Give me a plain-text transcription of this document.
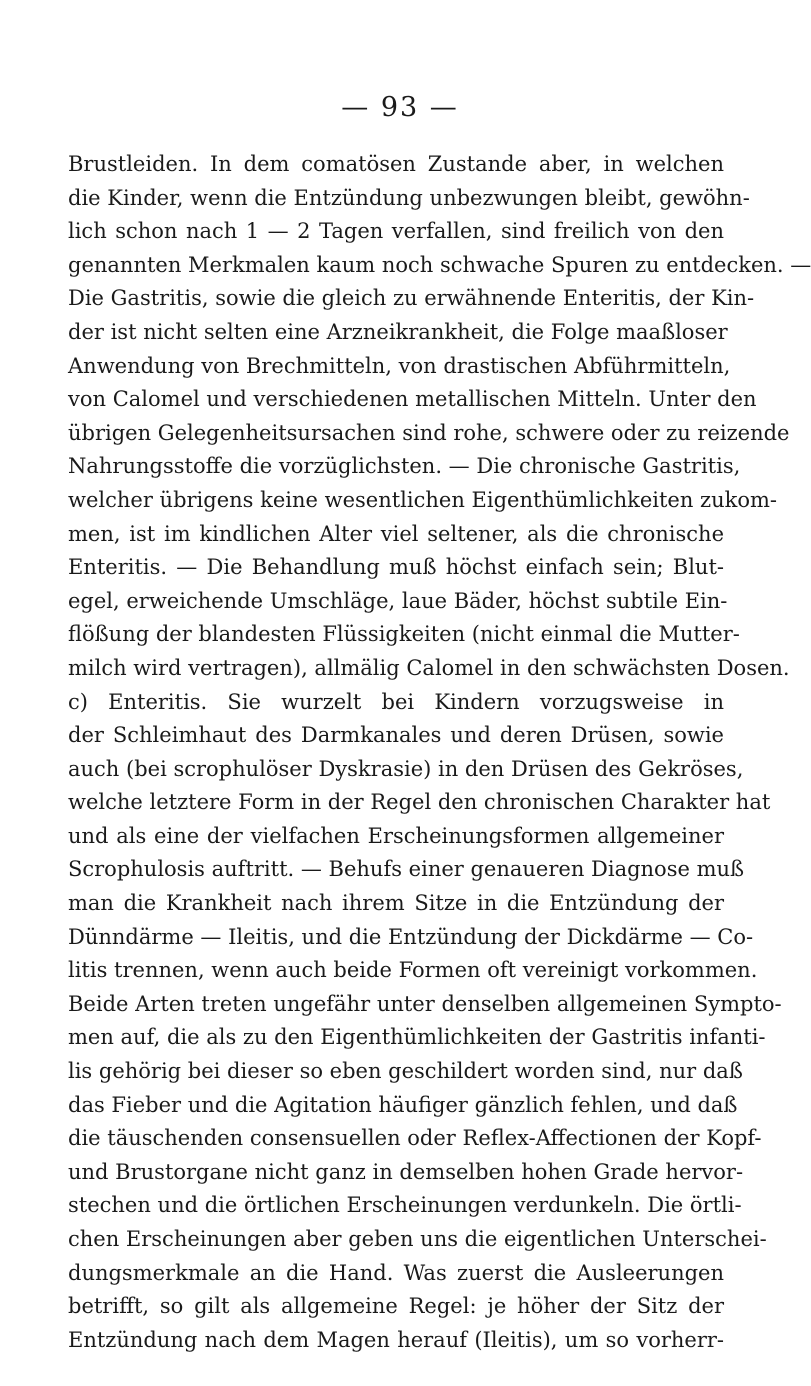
— 93 —
Brustleiden. In dem comatösen Zustande aber, in welchen
die Kinder, wenn die Entzündung unbezwungen bleibt, gewöhn-
lich schon nach 1 — 2 Tagen verfallen, sind freilich von den
genannten Merkmalen kaum noch schwache Spuren zu entdecken. —
Die Gastritis, sowie die gleich zu erwähnende Enteritis, der Kin-
der ist nicht selten eine Arzneikrankheit, die Folge maaßloser
Anwendung von Brechmitteln, von drastischen Abführmitteln,
von Calomel und verschiedenen metallischen Mitteln. Unter den
übrigen Gelegenheitsursachen sind rohe, schwere oder zu reizende
Nahrungsstoffe die vorzüglichsten. — Die chronische Gastritis,
welcher übrigens keine wesentlichen Eigenthümlichkeiten zukom-
men, ist im kindlichen Alter viel seltener, als die chronische
Enteritis. — Die Behandlung muß höchst einfach sein; Blut-
egel, erweichende Umschläge, laue Bäder, höchst subtile Ein-
flößung der blandesten Flüssigkeiten (nicht einmal die Mutter-
milch wird vertragen), allmälig Calomel in den schwächsten Dosen.
c) Enteritis. Sie wurzelt bei Kindern vorzugsweise in
der Schleimhaut des Darmkanales und deren Drüsen, sowie
auch (bei scrophulöser Dyskrasie) in den Drüsen des Gekröses,
welche letztere Form in der Regel den chronischen Charakter hat
und als eine der vielfachen Erscheinungsformen allgemeiner
Scrophulosis auftritt. — Behufs einer genaueren Diagnose muß
man die Krankheit nach ihrem Sitze in die Entzündung der
Dünndärme — Ileitis, und die Entzündung der Dickdärme — Co-
litis trennen, wenn auch beide Formen oft vereinigt vorkommen.
Beide Arten treten ungefähr unter denselben allgemeinen Sympto-
men auf, die als zu den Eigenthümlichkeiten der Gastritis infanti-
lis gehörig bei dieser so eben geschildert worden sind, nur daß
das Fieber und die Agitation häufiger gänzlich fehlen, und daß
die täuschenden consensuellen oder Reflex-Affectionen der Kopf-
und Brustorgane nicht ganz in demselben hohen Grade hervor-
stechen und die örtlichen Erscheinungen verdunkeln. Die örtli-
chen Erscheinungen aber geben uns die eigentlichen Unterschei-
dungsmerkmale an die Hand. Was zuerst die Ausleerungen
betrifft, so gilt als allgemeine Regel: je höher der Sitz der
Entzündung nach dem Magen herauf (Ileitis), um so vorherr-
